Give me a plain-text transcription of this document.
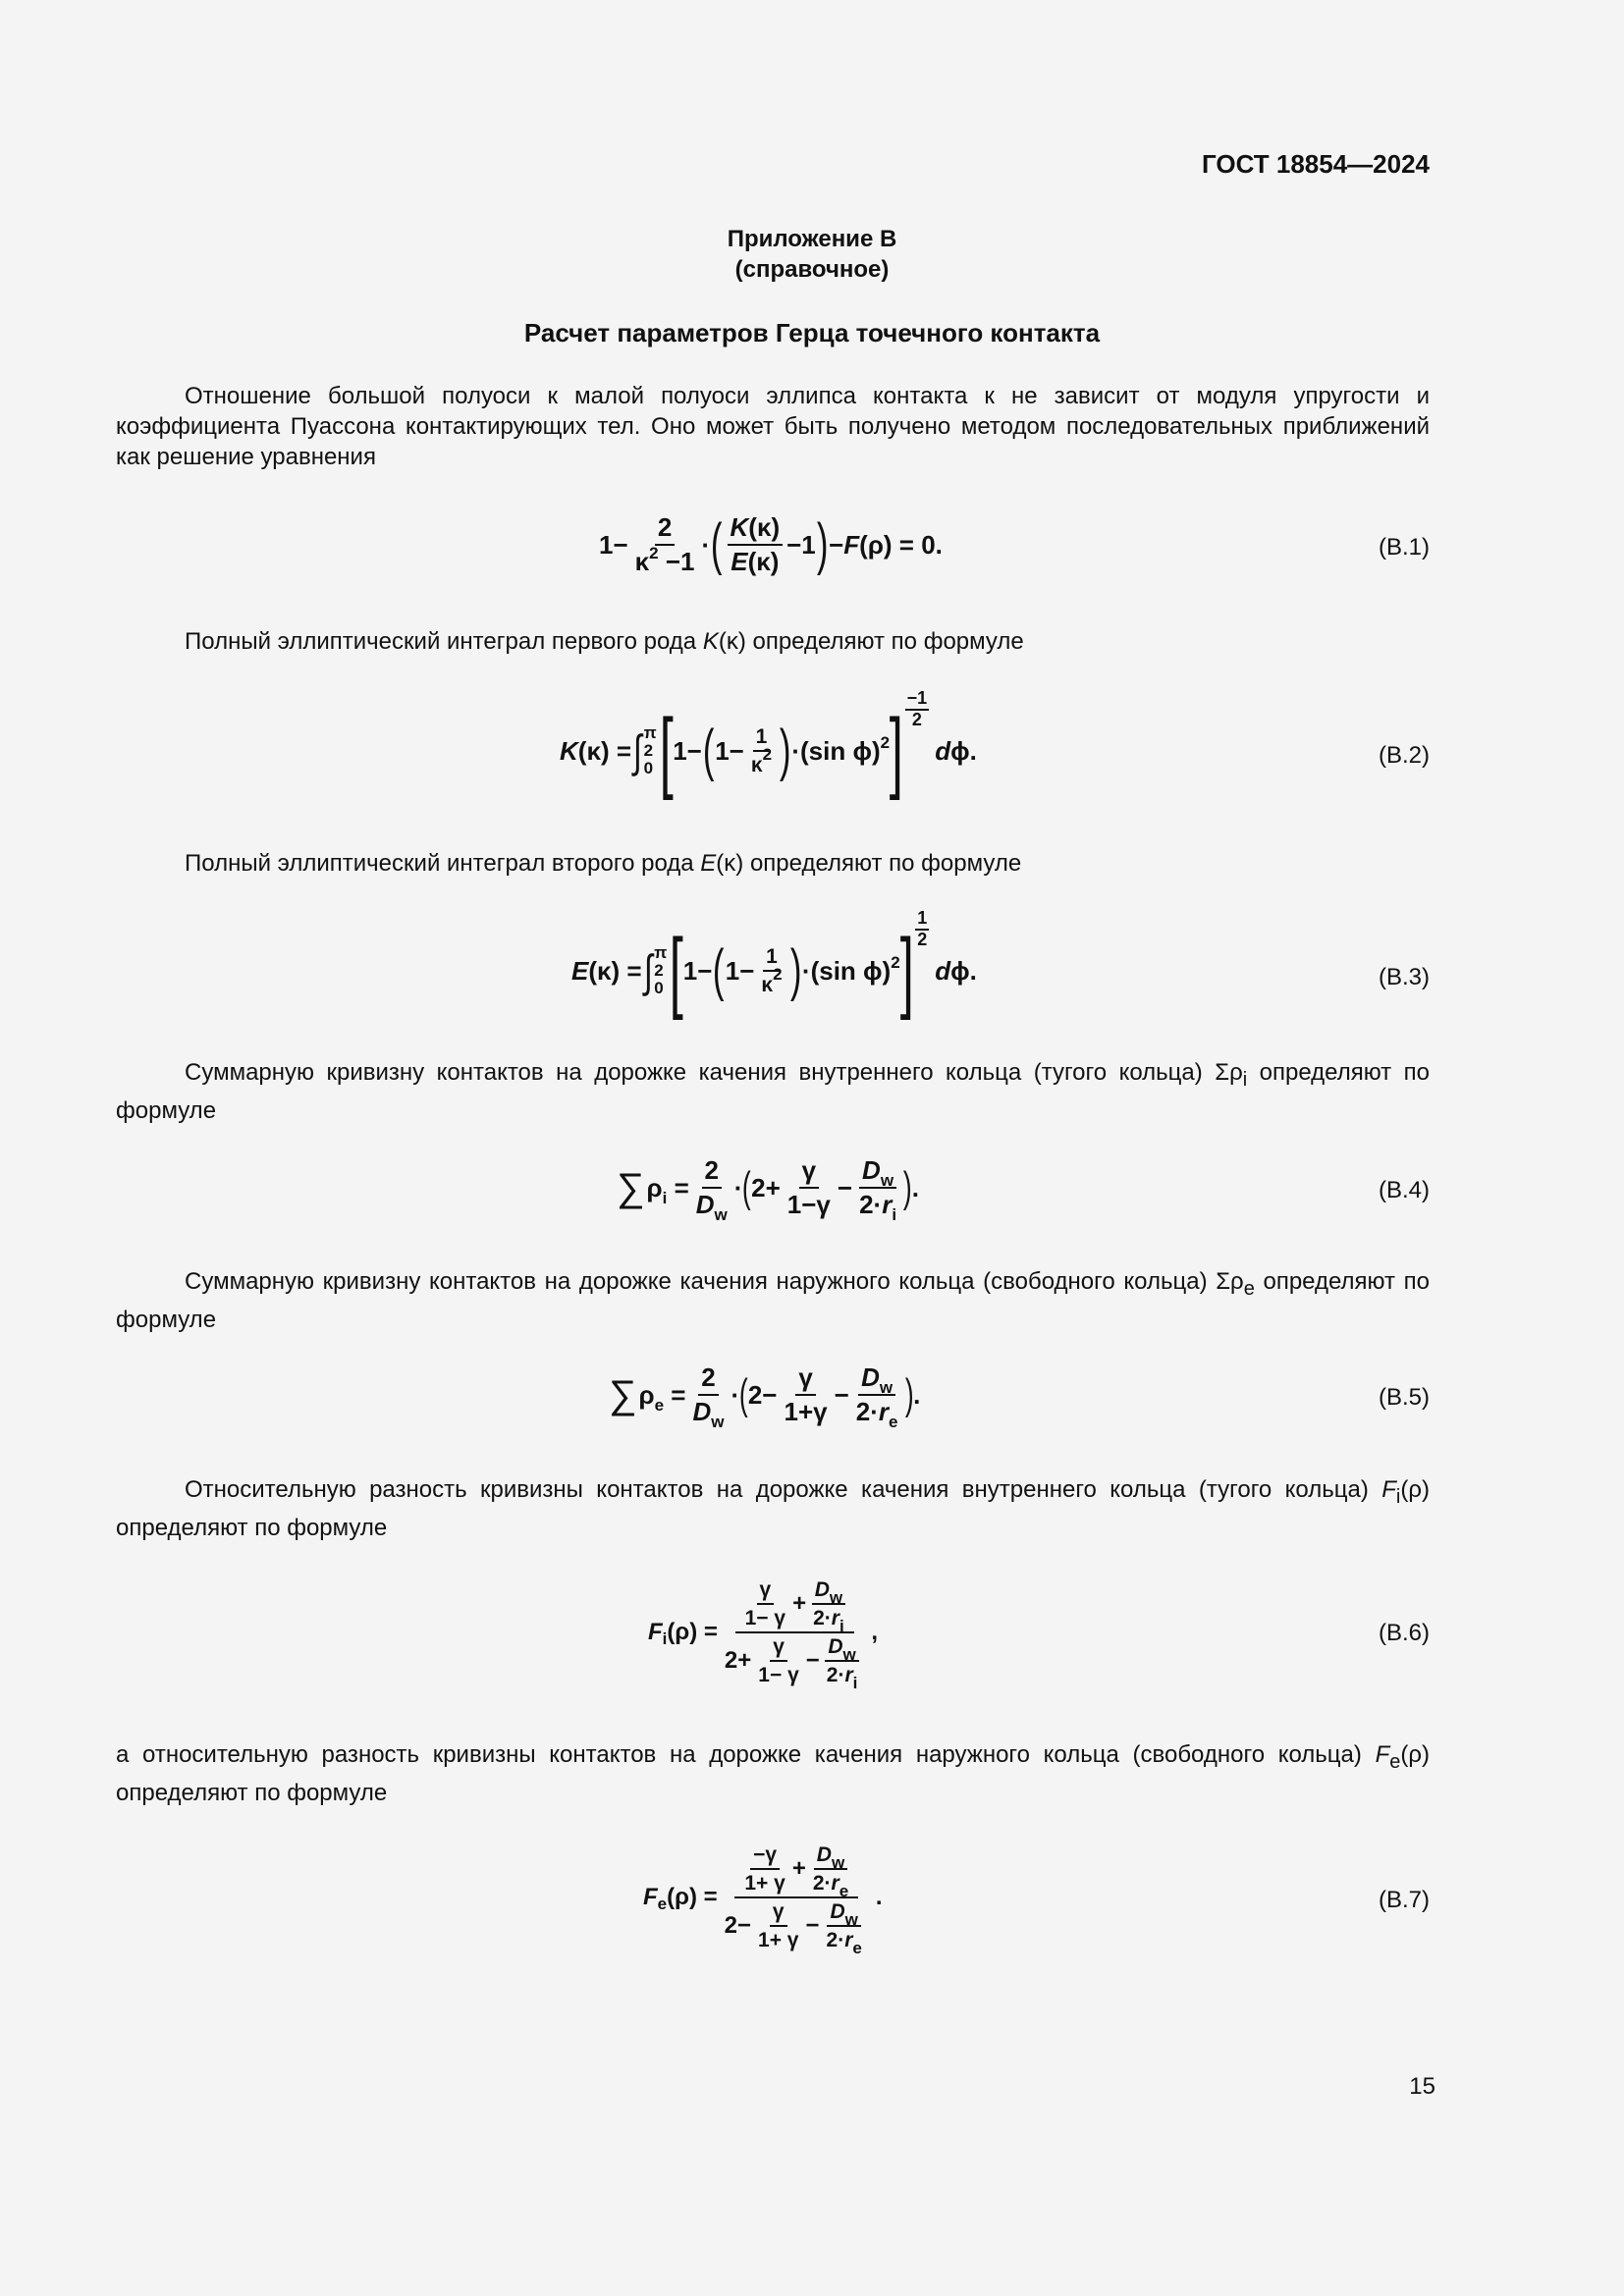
ГОСТ 18854—2024
Приложение В
(справочное)
Расчет параметров Герца точечного контакта
Отношение большой полуоси к малой полуоси эллипса контакта к не зависит от модуля упругости и коэффициента Пуассона контактирующих тел. Оно может быть получено методом последовательных приближений как решение уравнения
$1- \frac{2}{\kappa^2 -1}$ · ( $\frac{K(\kappa)}{E(\kappa)} -1$ ) −F(ρ) = 0.	(В.1)
Полный эллиптический интеграл первого рода K(κ) определяют по формуле
K (κ) = ∫ π
2
0 [ 1− ( $1- \frac{1}{\kappa^2}$ ) ·(sin ϕ)$^2$ ]
−1
2
d ϕ.	(В.2)
Полный эллиптический интеграл второго рода E(κ) определяют по формуле
E (κ) = ∫ π
2
0 [ 1− ( $1- \frac{1}{\kappa^2}$ ) ·(sin ϕ)$^2$ ]
1
2
d ϕ.	(В.3)
Суммарную кривизну контактов на дорожке качения внутреннего кольца (тугого кольца) $\Sigma\rho_i$ определяют по формуле
∑ $\rho_i = \frac{2}{D_w}$ · ( $2+ \frac{\gamma}{1-\gamma} - \frac{D_w}{2\cdot r_i}$ ) .	(В.4)
Суммарную кривизну контактов на дорожке качения наружного кольца (свободного кольца) $\Sigma\rho_e$ определяют по формуле
∑ $\rho_e = \frac{2}{D_w}$ · ( $2- \frac{\gamma}{1+\gamma} - \frac{D_w}{2\cdot r_e}$ ) .	(В.5)
Относительную разность кривизны контактов на дорожке качения внутреннего кольца (тугого кольца) $F_i(\rho)$ определяют по формуле
F i $(\rho) = \frac{\frac{\gamma}{1- \gamma} + \frac{D_w}{2\cdot r_i}}{2+ \frac{\gamma}{1- \gamma} - \frac{D_w}{2\cdot r_i}}$ ,	(В.6)
а относительную разность кривизны контактов на дорожке качения наружного кольца (свободного кольца) $F_e(\rho)$ определяют по формуле
F e $(\rho) = \frac{\frac{-\gamma}{1+ \gamma} + \frac{D_w}{2\cdot r_e}}{2- \frac{\gamma}{1+ \gamma} - \frac{D_w}{2\cdot r_e}}$ .	(В.7)
15
